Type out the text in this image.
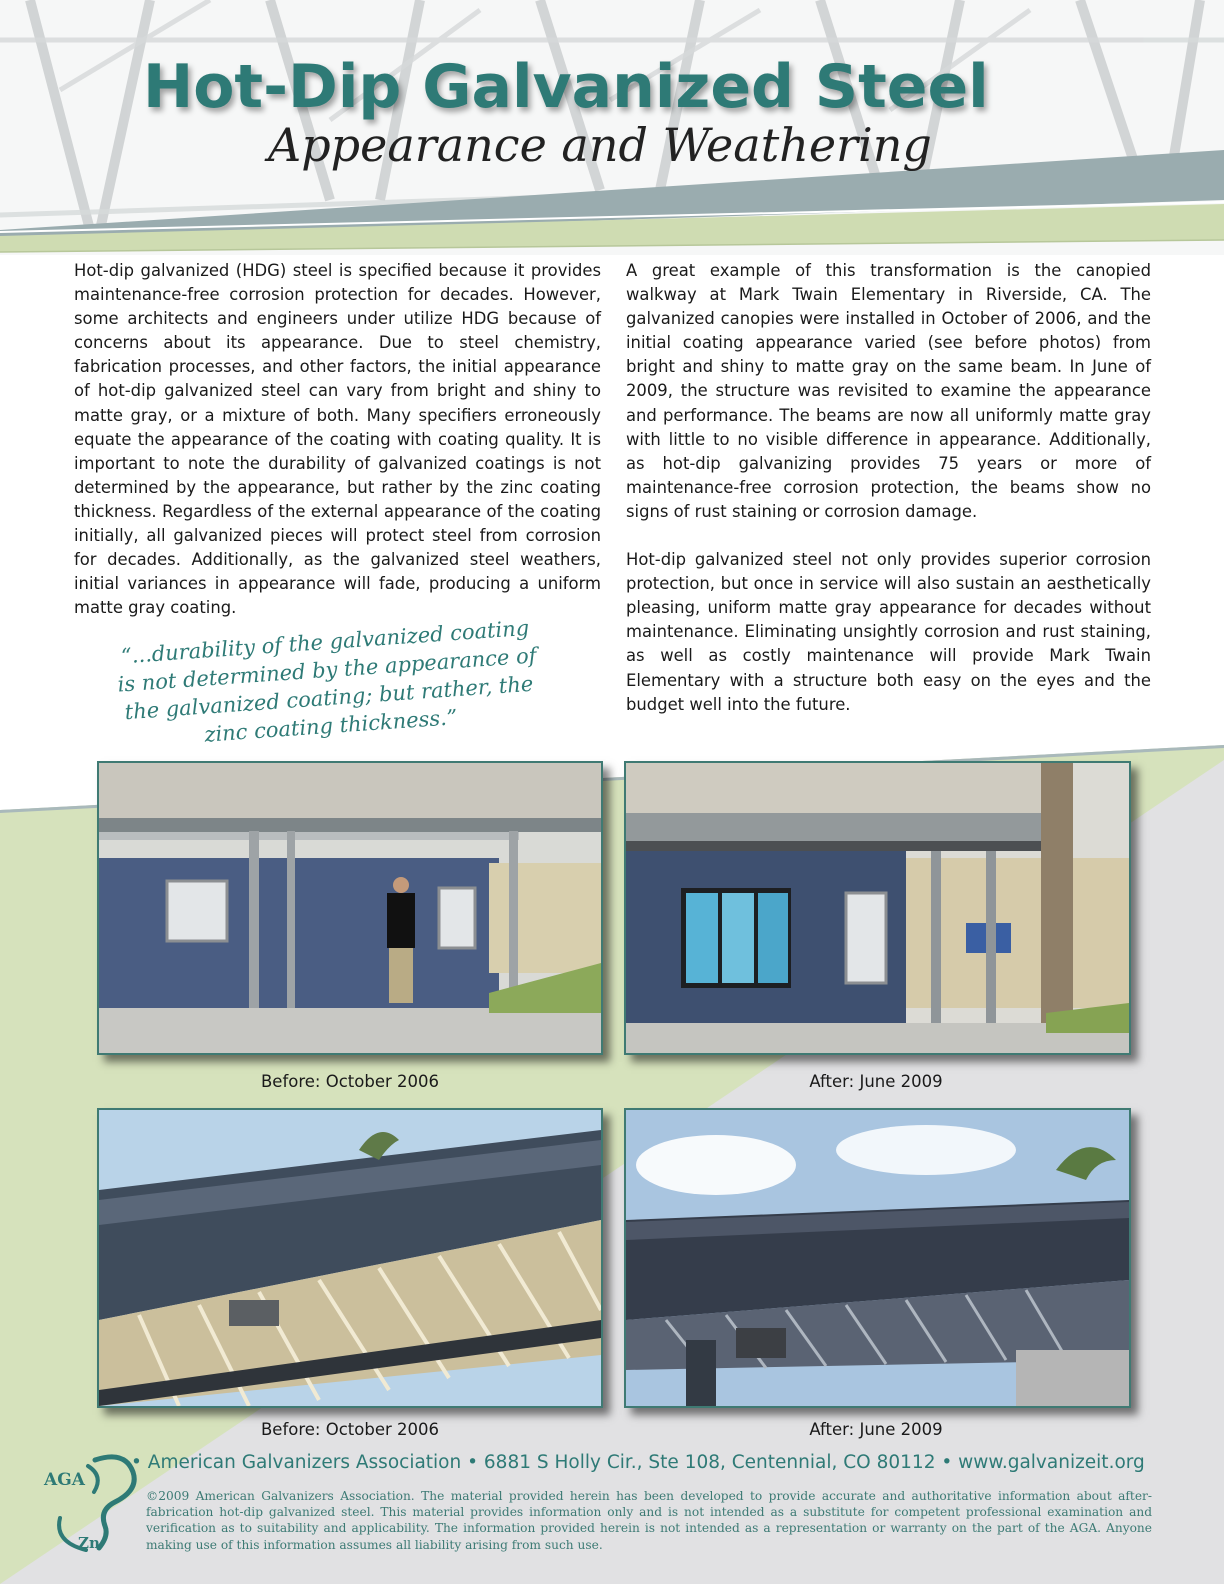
Hot-Dip Galvanized Steel
Appearance and Weathering

Hot-dip galvanized (HDG) steel is specified because it provides maintenance-free corrosion protection for decades. However, some architects and engineers under utilize HDG because of concerns about its appearance. Due to steel chemistry, fabrication processes, and other factors, the initial appearance of hot-dip galvanized steel can vary from bright and shiny to matte gray, or a mixture of both. Many specifiers erroneously equate the appearance of the coating with coating quality. It is important to note the durability of galvanized coatings is not determined by the appearance, but rather by the zinc coating thickness. Regardless of the external appearance of the coating initially, all galvanized pieces will protect steel from corrosion for decades. Additionally, as the galvanized steel weathers, initial variances in appearance will fade, producing a uniform matte gray coating.

A great example of this transformation is the canopied walkway at Mark Twain Elementary in Riverside, CA. The galvanized canopies were installed in October of 2006, and the initial coating appearance varied (see before photos) from bright and shiny to matte gray on the same beam. In June of 2009, the structure was revisited to examine the appearance and performance. The beams are now all uniformly matte gray with little to no visible difference in appearance. Additionally, as hot-dip galvanizing provides 75 years or more of maintenance-free corrosion protection, the beams show no signs of rust staining or corrosion damage.

Hot-dip galvanized steel not only provides superior corrosion protection, but once in service will also sustain an aesthetically pleasing, uniform matte gray appearance for decades without maintenance. Eliminating unsightly corrosion and rust staining, as well as costly maintenance will provide Mark Twain Elementary with a structure both easy on the eyes and the budget well into the future.

“...durability of the galvanized coating is not determined by the appearance of the galvanized coating; but rather, the zinc coating thickness.”
Before: October 2006	After: June 2009
Before: October 2006	After: June 2009
AGA
Zn
• American Galvanizers Association • 6881 S Holly Cir., Ste 108, Centennial, CO 80112 • www.galvanizeit.org
©2009 American Galvanizers Association. The material provided herein has been developed to provide accurate and authoritative information about after-fabrication hot-dip galvanized steel. This material provides information only and is not intended as a substitute for competent professional examination and verification as to suitability and applicability. The information provided herein is not intended as a representation or warranty on the part of the AGA. Anyone making use of this information assumes all liability arising from such use.
